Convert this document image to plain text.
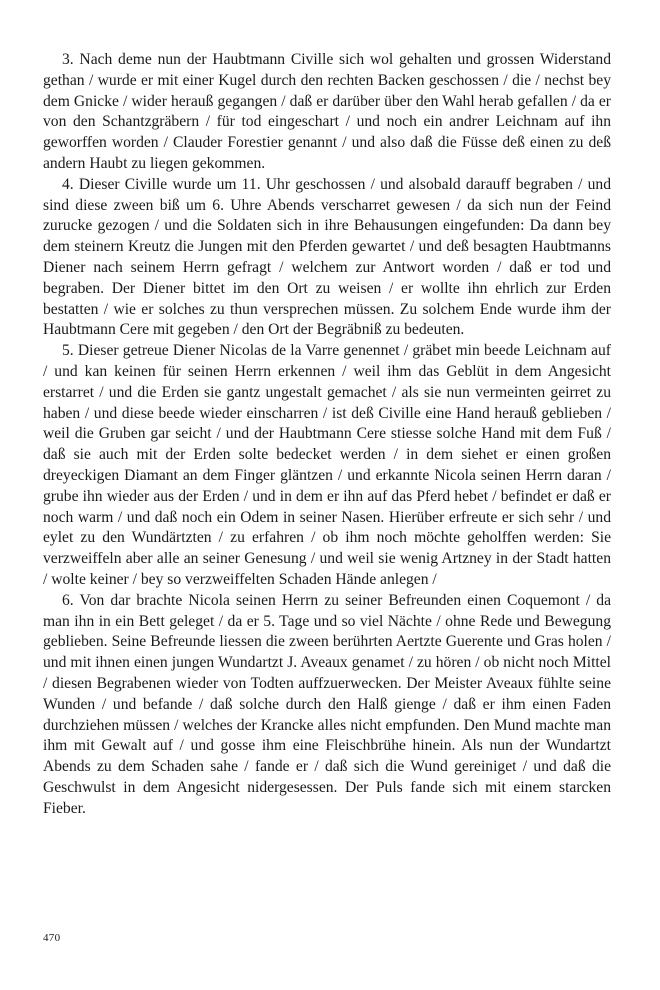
3. Nach deme nun der Haubtmann Civille sich wol gehalten und grossen Widerstand gethan / wurde er mit einer Kugel durch den rechten Backen geschossen / die / nechst bey dem Gnicke / wider herauß gegangen / daß er darüber über den Wahl herab gefallen / da er von den Schantzgräbern / für tod eingeschart / und noch ein andrer Leichnam auf ihn geworffen worden / Clauder Forestier genannt / und also daß die Füsse deß einen zu deß andern Haubt zu liegen gekommen.

4. Dieser Civille wurde um 11. Uhr geschossen / und alsobald darauff begraben / und sind diese zween biß um 6. Uhre Abends verscharret gewesen / da sich nun der Feind zurucke gezogen / und die Soldaten sich in ihre Behausungen eingefunden: Da dann bey dem steinern Kreutz die Jungen mit den Pferden gewartet / und deß besagten Haubtmanns Diener nach seinem Herrn gefragt / welchem zur Antwort worden / daß er tod und begraben. Der Diener bittet im den Ort zu weisen / er wollte ihn ehrlich zur Erden bestatten / wie er solches zu thun versprechen müssen. Zu solchem Ende wurde ihm der Haubtmann Cere mit gegeben / den Ort der Begräbniß zu bedeuten.

5. Dieser getreue Diener Nicolas de la Varre genennet / gräbet min beede Leichnam auf / und kan keinen für seinen Herrn erkennen / weil ihm das Geblüt in dem Angesicht erstarret / und die Erden sie gantz ungestalt gemachet / als sie nun vermeinten geirret zu haben / und diese beede wieder einscharren / ist deß Civille eine Hand herauß geblieben / weil die Gruben gar seicht / und der Haubtmann Cere stiesse solche Hand mit dem Fuß / daß sie auch mit der Erden solte bedecket werden / in dem siehet er einen großen dreyeckigen Diamant an dem Finger gläntzen / und erkannte Nicola seinen Herrn daran / grube ihn wieder aus der Erden / und in dem er ihn auf das Pferd hebet / befindet er daß er noch warm / und daß noch ein Odem in seiner Nasen. Hierüber erfreute er sich sehr / und eylet zu den Wundärtzten / zu erfahren / ob ihm noch möchte geholffen werden: Sie verzweiffeln aber alle an seiner Genesung / und weil sie wenig Artzney in der Stadt hatten / wolte keiner / bey so verzweiffelten Schaden Hände anlegen /

6. Von dar brachte Nicola seinen Herrn zu seiner Befreunden einen Coquemont / da man ihn in ein Bett geleget / da er 5. Tage und so viel Nächte / ohne Rede und Bewegung geblieben. Seine Befreunde liessen die zween berührten Aertzte Guerente und Gras holen / und mit ihnen einen jungen Wundartzt J. Aveaux genamet / zu hören / ob nicht noch Mittel / diesen Begrabenen wieder von Todten auffzuerwecken. Der Meister Aveaux fühlte seine Wunden / und befande / daß solche durch den Halß gienge / daß er ihm einen Faden durchziehen müssen / welches der Krancke alles nicht empfunden. Den Mund machte man ihm mit Gewalt auf / und gosse ihm eine Fleischbrühe hinein. Als nun der Wundartzt Abends zu dem Schaden sahe / fande er / daß sich die Wund gereiniget / und daß die Geschwulst in dem Angesicht nidergesessen. Der Puls fande sich mit einem starcken Fieber.

470
